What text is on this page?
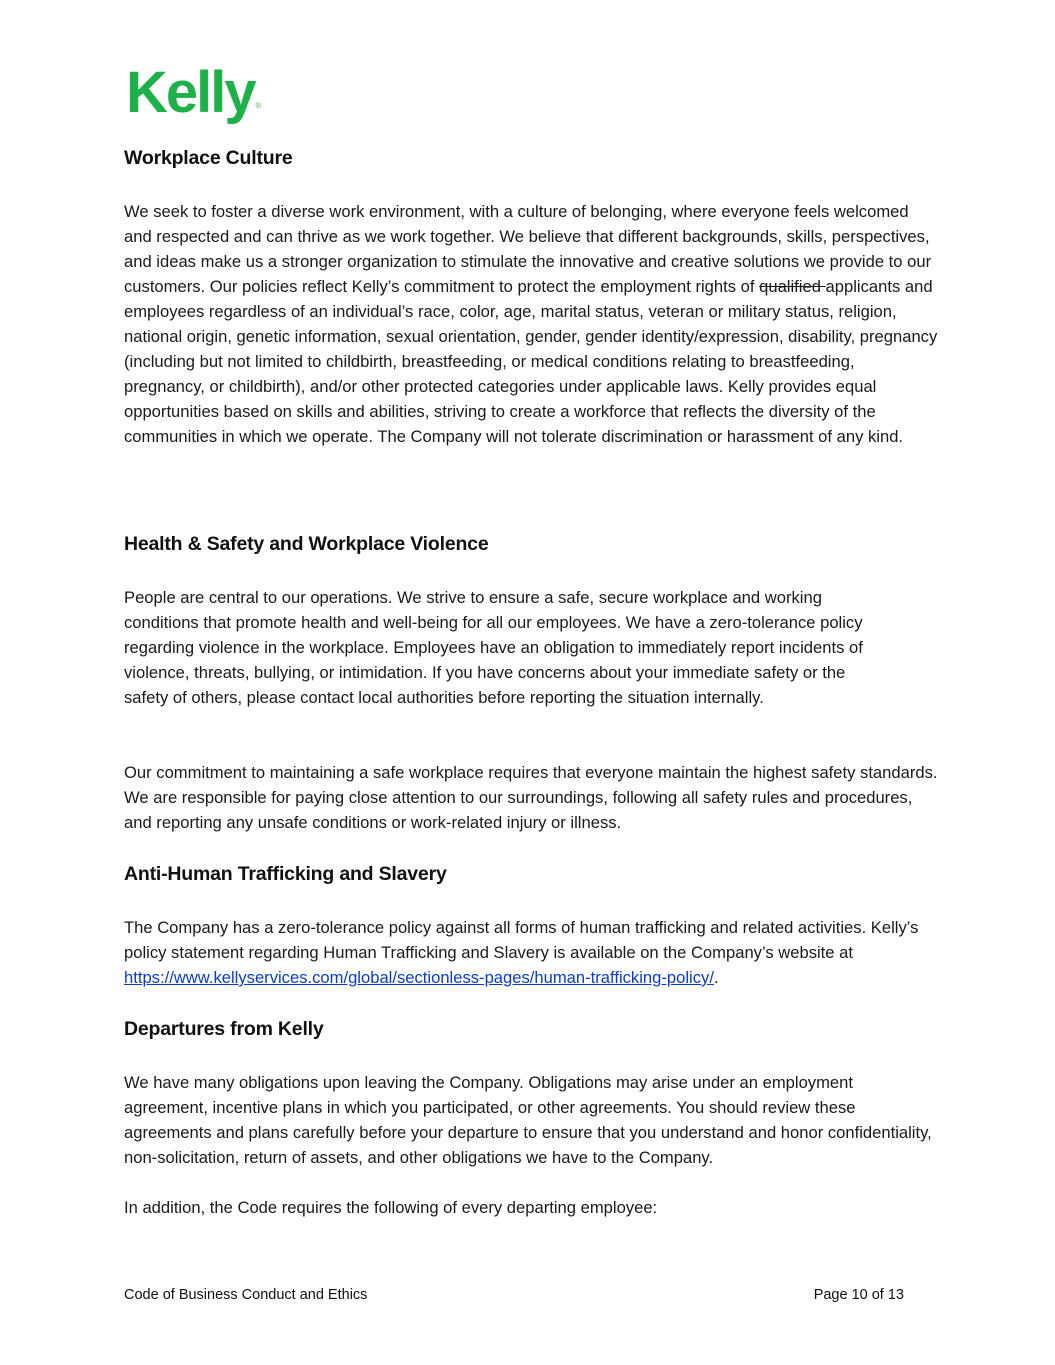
Kelly ®
Workplace Culture

We seek to foster a diverse work environment, with a culture of belonging, where everyone feels welcomed and respected and can thrive as we work together. We believe that different backgrounds, skills, perspectives, and ideas make us a stronger organization to stimulate the innovative and creative solutions we provide to our customers. Our policies reflect Kelly’s commitment to protect the employment rights of qualified applicants and employees regardless of an individual’s race, color, age, marital status, veteran or military status, religion, national origin, genetic information, sexual orientation, gender, gender identity/expression, disability, pregnancy (including but not limited to childbirth, breastfeeding, or medical conditions relating to breastfeeding, pregnancy, or childbirth), and/or other protected categories under applicable laws. Kelly provides equal opportunities based on skills and abilities, striving to create a workforce that reflects the diversity of the communities in which we operate. The Company will not tolerate discrimination or harassment of any kind.

Health & Safety and Workplace Violence

People are central to our operations. We strive to ensure a safe, secure workplace and working conditions that promote health and well-being for all our employees. We have a zero-tolerance policy regarding violence in the workplace. Employees have an obligation to immediately report incidents of violence, threats, bullying, or intimidation. If you have concerns about your immediate safety or the safety of others, please contact local authorities before reporting the situation internally.

Our commitment to maintaining a safe workplace requires that everyone maintain the highest safety standards. We are responsible for paying close attention to our surroundings, following all safety rules and procedures, and reporting any unsafe conditions or work-related injury or illness.

Anti-Human Trafficking and Slavery

The Company has a zero-tolerance policy against all forms of human trafficking and related activities. Kelly’s policy statement regarding Human Trafficking and Slavery is available on the Company’s website at https://www.kellyservices.com/global/sectionless-pages/human-trafficking-policy/.

Departures from Kelly

We have many obligations upon leaving the Company. Obligations may arise under an employment agreement, incentive plans in which you participated, or other agreements. You should review these agreements and plans carefully before your departure to ensure that you understand and honor confidentiality, non-solicitation, return of assets, and other obligations we have to the Company.

In addition, the Code requires the following of every departing employee:

Code of Business Conduct and Ethics	Page 10 of 13
